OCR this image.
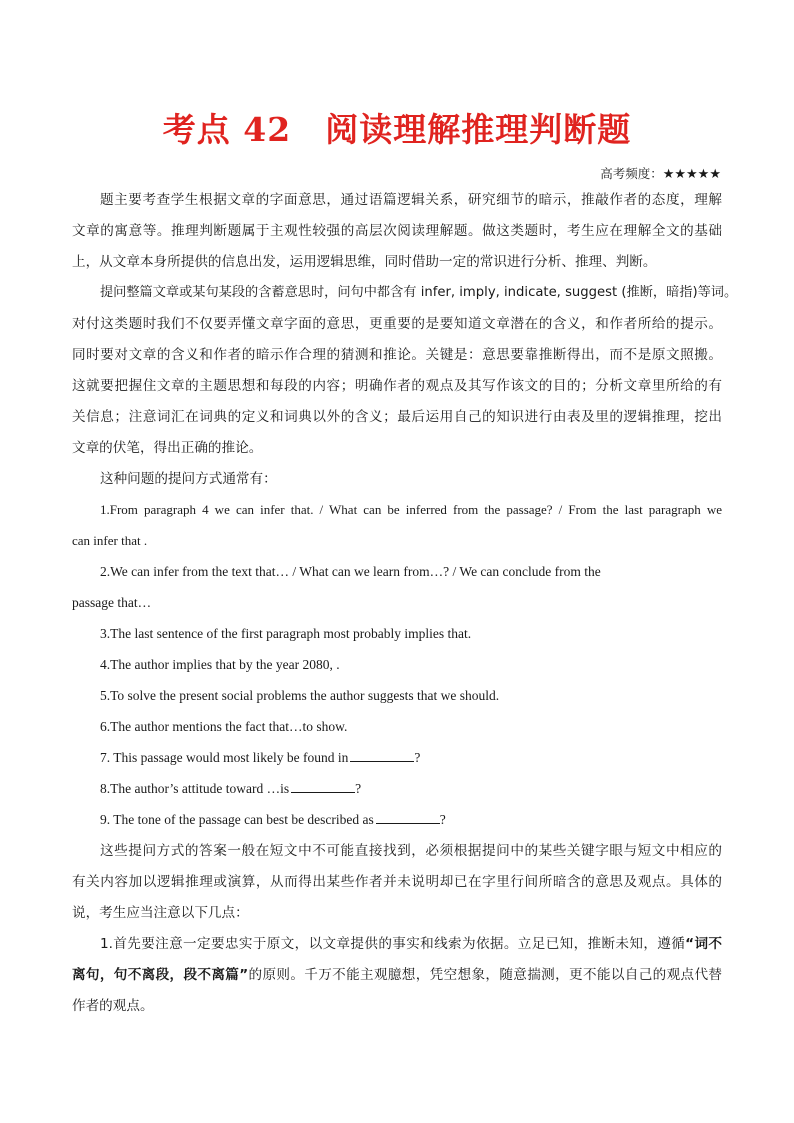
考点 42 阅读理解推理判断题
高考频度：★★★★★
题主要考查学生根据文章的字面意思，通过语篇逻辑关系，研究细节的暗示，推敲作者的态度，理解
文章的寓意等。推理判断题属于主观性较强的高层次阅读理解题。做这类题时，考生应在理解全文的基础
上，从文章本身所提供的信息出发，运用逻辑思维，同时借助一定的常识进行分析、推理、判断。
提问整篇文章或某句某段的含蓄意思时，问句中都含有 infer, imply, indicate, suggest (推断，暗指)等词。
对付这类题时我们不仅要弄懂文章字面的意思，更重要的是要知道文章潜在的含义，和作者所给的提示。
同时要对文章的含义和作者的暗示作合理的猜测和推论。关键是：意思要靠推断得出，而不是原文照搬。
这就要把握住文章的主题思想和每段的内容；明确作者的观点及其写作该文的目的；分析文章里所给的有
关信息；注意词汇在词典的定义和词典以外的含义；最后运用自己的知识进行由表及里的逻辑推理，挖出
文章的伏笔，得出正确的推论。
这种问题的提问方式通常有：
1.From paragraph 4 we can infer that. / What can be inferred from the passage? / From the last paragraph we
can infer that .
2.We can infer from the text that… / What can we learn from…? / We can conclude from the
passage that…
3.The last sentence of the first paragraph most probably implies that.
4.The author implies that by the year 2080, .
5.To solve the present social problems the author suggests that we should.
6.The author mentions the fact that…to show.
7. This passage would most likely be found in	?
8.The author’s attitude toward …is	?
9. The tone of the passage can best be described as	?
这些提问方式的答案一般在短文中不可能直接找到，必须根据提问中的某些关键字眼与短文中相应的
有关内容加以逻辑推理或演算，从而得出某些作者并未说明却已在字里行间所暗含的意思及观点。具体的
说，考生应当注意以下几点：
1.首先要注意一定要忠实于原文，以文章提供的事实和线索为依据。立足已知，推断未知，遵循“词不
离句，句不离段，段不离篇”的原则。千万不能主观臆想，凭空想象，随意揣测，更不能以自己的观点代替
作者的观点。
